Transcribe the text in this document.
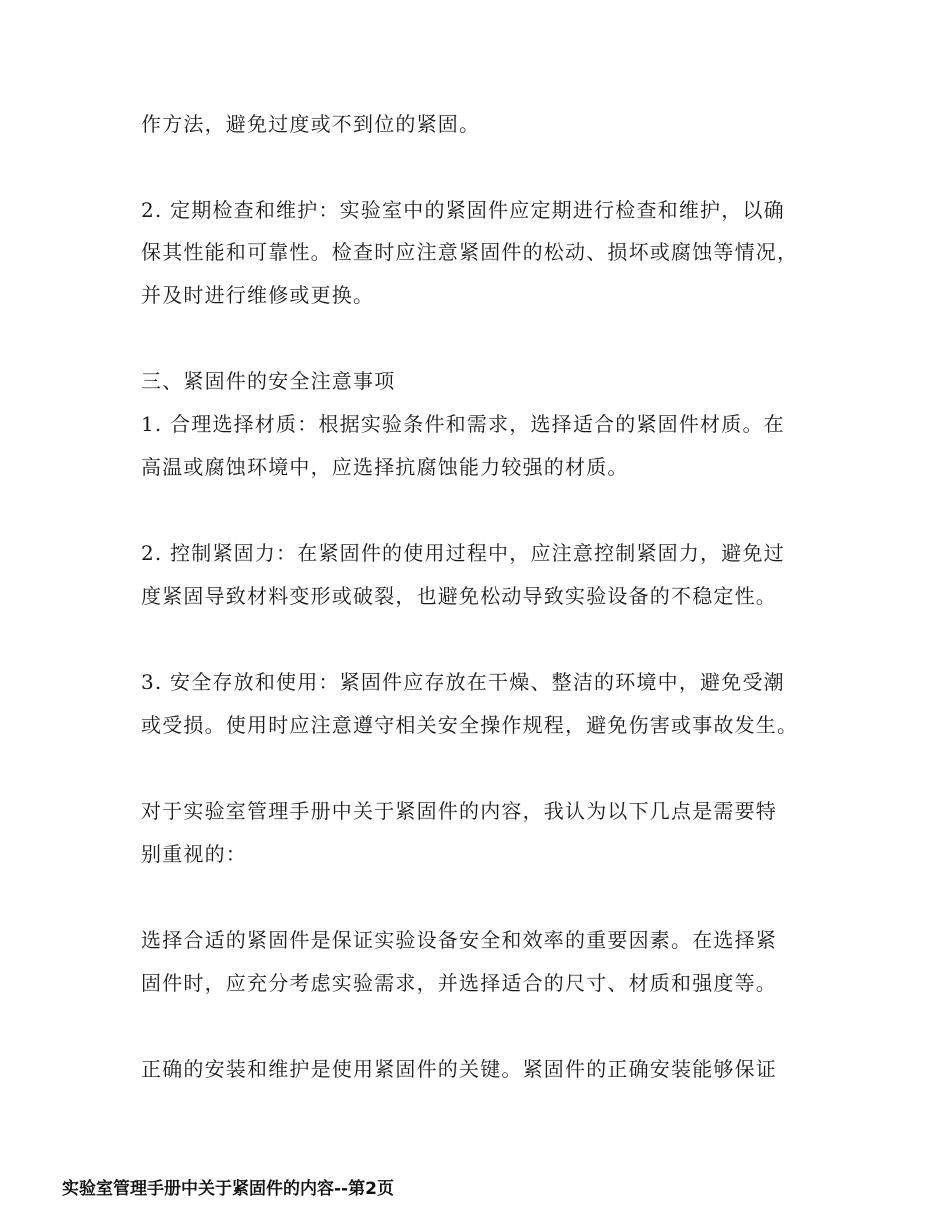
作方法，避免过度或不到位的紧固。
2. 定期检查和维护：实验室中的紧固件应定期进行检查和维护，以确
保其性能和可靠性。检查时应注意紧固件的松动、损坏或腐蚀等情况，
并及时进行维修或更换。
三、紧固件的安全注意事项
1. 合理选择材质：根据实验条件和需求，选择适合的紧固件材质。在
高温或腐蚀环境中，应选择抗腐蚀能力较强的材质。
2. 控制紧固力：在紧固件的使用过程中，应注意控制紧固力，避免过
度紧固导致材料变形或破裂，也避免松动导致实验设备的不稳定性。
3. 安全存放和使用：紧固件应存放在干燥、整洁的环境中，避免受潮
或受损。使用时应注意遵守相关安全操作规程，避免伤害或事故发生。
对于实验室管理手册中关于紧固件的内容，我认为以下几点是需要特
别重视的：
选择合适的紧固件是保证实验设备安全和效率的重要因素。在选择紧
固件时，应充分考虑实验需求，并选择适合的尺寸、材质和强度等。
正确的安装和维护是使用紧固件的关键。紧固件的正确安装能够保证
实验室管理手册中关于紧固件的内容--第2页
